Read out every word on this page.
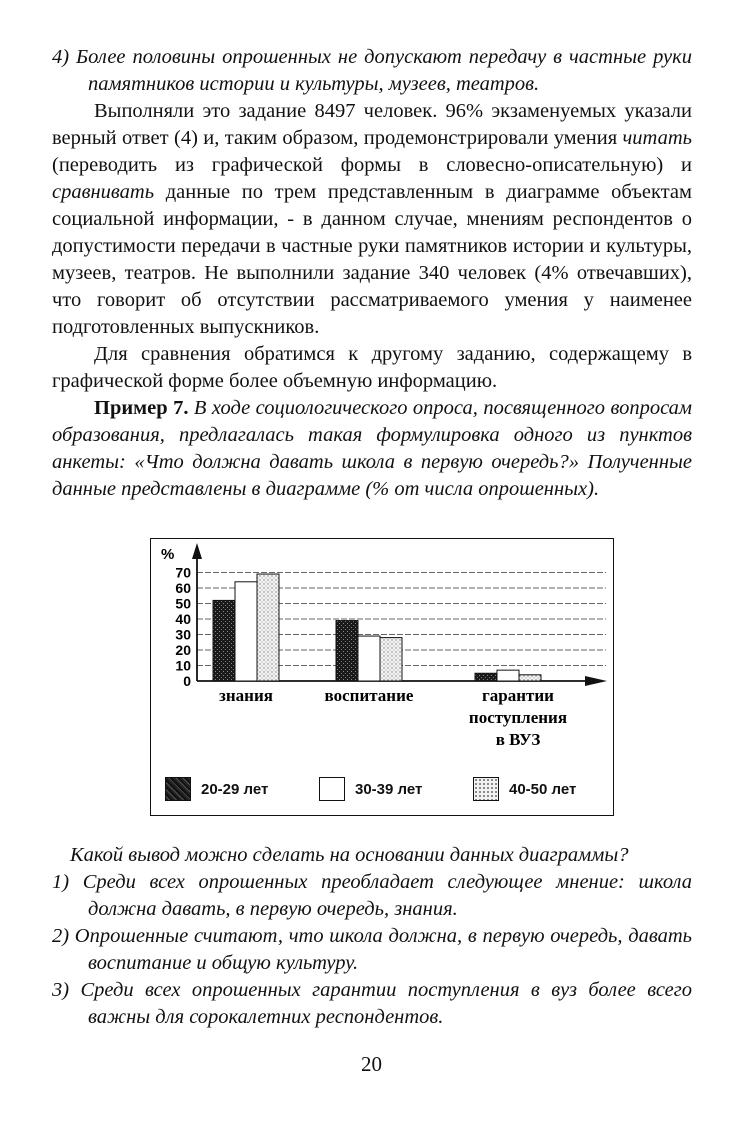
4) Более половины опрошенных не допускают передачу в частные руки памятников истории и культуры, музеев, театров.

Выполняли это задание 8497 человек. 96% экзаменуемых указали верный ответ (4) и, таким образом, продемонстрировали умения читать (переводить из графической формы в словесно-описательную) и сравнивать данные по трем представленным в диаграмме объектам социальной информации, - в данном случае, мнениям респондентов о допустимости передачи в частные руки памятников истории и культуры, музеев, театров. Не выполнили задание 340 человек (4% отвечавших), что говорит об отсутствии рассматриваемого умения у наименее подготовленных выпускников.

Для сравнения обратимся к другому заданию, содержащему в графической форме более объемную информацию.

Пример 7. В ходе социологического опроса, посвященного вопросам образования, предлагалась такая формулировка одного из пунктов анкеты: «Что должна давать школа в первую очередь?» Полученные данные представлены в диаграмме (% от числа опрошенных).

0
10
20
30
40
50
60
70
%
знания	воспитание	гарантии
поступления
в ВУЗ
20-29 лет	30-39 лет	40-50 лет

Какой вывод можно сделать на основании данных диаграммы?

1) Среди всех опрошенных преобладает следующее мнение: школа должна давать, в первую очередь, знания.

2) Опрошенные считают, что школа должна, в первую очередь, давать воспитание и общую культуру.

3) Среди всех опрошенных гарантии поступления в вуз более всего важны для сорокалетних респондентов.

20
